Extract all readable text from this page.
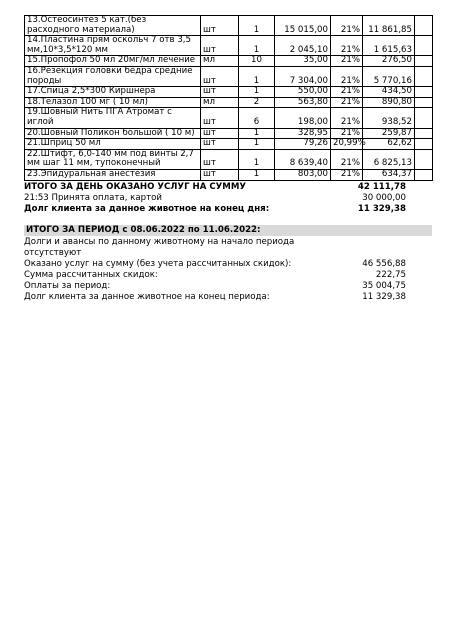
13.Остеосинтез 5 кат.(без расходного материала)	шт	1	15 015,00	21%	11 861,85	
14.Пластина прям оскольч 7 отв 3,5 мм,10*3,5*120 мм	шт	1	2 045,10	21%	1 615,63	
15.Пропофол 50 мл 20мг/мл лечение	мл	10	35,00	21%	276,50	
16.Резекция головки бедра средние породы	шт	1	7 304,00	21%	5 770,16	
17.Спица 2,5*300 Киршнера	шт	1	550,00	21%	434,50	
18.Телазол 100 мг ( 10 мл)	мл	2	563,80	21%	890,80	
19.Шовный Нить ПГА Атромат с иглой	шт	6	198,00	21%	938,52	
20.Шовный Поликон большой ( 10 м)	шт	1	328,95	21%	259,87	
21.Шприц 50 мл	шт	1	79,26	20,99%	62,62	
22.Штифт, 6,0-140 мм под винты 2,7 мм шаг 11 мм, тупоконечный	шт	1	8 639,40	21%	6 825,13	
23.Эпидуральная анестезия	шт	1	803,00	21%	634,37	
ИТОГО ЗА ДЕНЬ ОКАЗАНО УСЛУГ НА СУММУ	42 111,78
21:53 Принята оплата, картой	30 000,00
Долг клиента за данное животное на конец дня:	11 329,38
ИТОГО ЗА ПЕРИОД с 08.06.2022 по 11.06.2022:
Долги и авансы по данному животному на начало периода отсутствуют
Оказано услуг на сумму (без учета рассчитанных скидок):	46 556,88
Сумма рассчитанных скидок:	222,75
Оплаты за период:	35 004,75
Долг клиента за данное животное на конец периода:	11 329,38
